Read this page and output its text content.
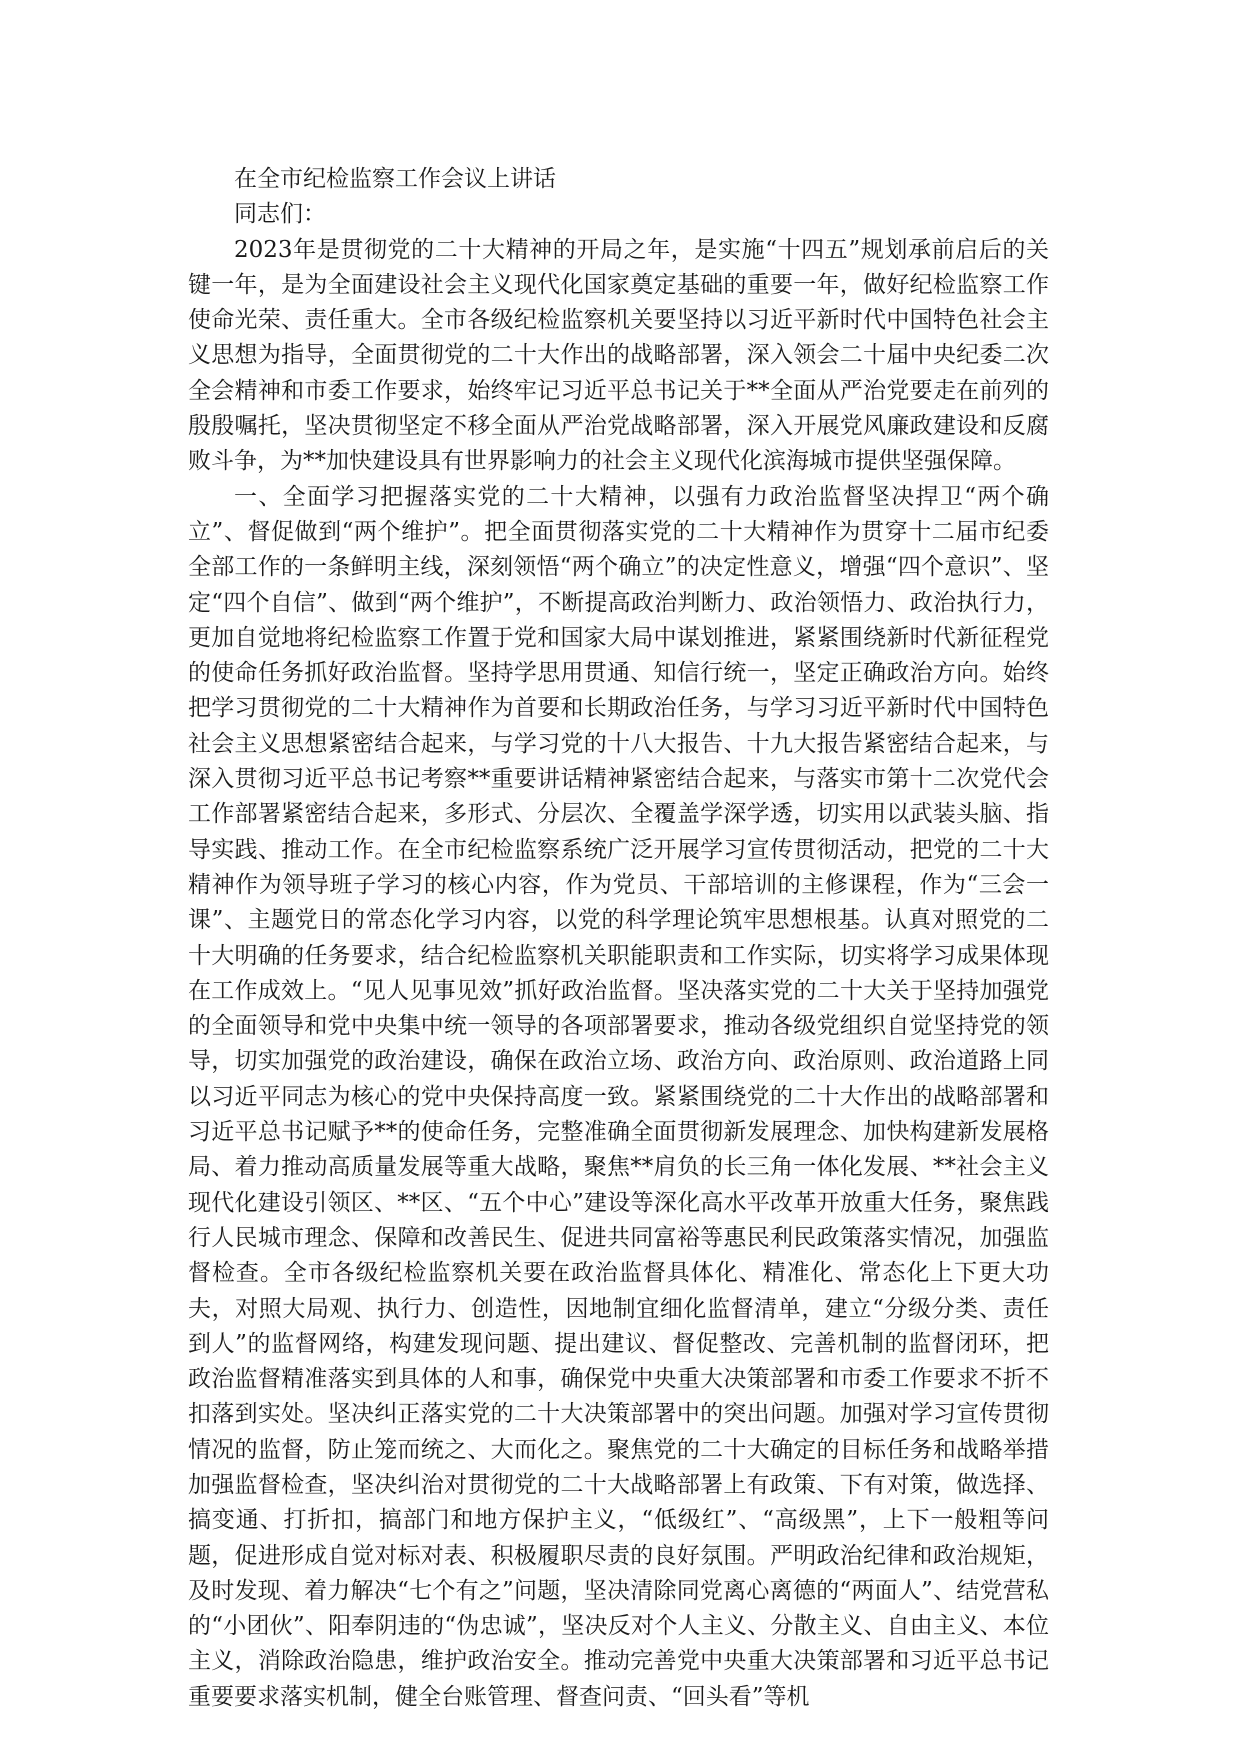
在全市纪检监察工作会议上讲话

同志们：

2023年是贯彻党的二十大精神的开局之年，是实施“十四五”规划承前启后的关键一年，是为全面建设社会主义现代化国家奠定基础的重要一年，做好纪检监察工作使命光荣、责任重大。全市各级纪检监察机关要坚持以习近平新时代中国特色社会主义思想为指导，全面贯彻党的二十大作出的战略部署，深入领会二十届中央纪委二次全会精神和市委工作要求，始终牢记习近平总书记关于**全面从严治党要走在前列的殷殷嘱托，坚决贯彻坚定不移全面从严治党战略部署，深入开展党风廉政建设和反腐败斗争，为**加快建设具有世界影响力的社会主义现代化滨海城市提供坚强保障。

一、全面学习把握落实党的二十大精神，以强有力政治监督坚决捍卫“两个确立”、督促做到“两个维护”。把全面贯彻落实党的二十大精神作为贯穿十二届市纪委全部工作的一条鲜明主线，深刻领悟“两个确立”的决定性意义，增强“四个意识”、坚定“四个自信”、做到“两个维护”，不断提高政治判断力、政治领悟力、政治执行力，更加自觉地将纪检监察工作置于党和国家大局中谋划推进，紧紧围绕新时代新征程党的使命任务抓好政治监督。坚持学思用贯通、知信行统一，坚定正确政治方向。始终把学习贯彻党的二十大精神作为首要和长期政治任务，与学习习近平新时代中国特色社会主义思想紧密结合起来，与学习党的十八大报告、十九大报告紧密结合起来，与深入贯彻习近平总书记考察**重要讲话精神紧密结合起来，与落实市第十二次党代会工作部署紧密结合起来，多形式、分层次、全覆盖学深学透，切实用以武装头脑、指导实践、推动工作。在全市纪检监察系统广泛开展学习宣传贯彻活动，把党的二十大精神作为领导班子学习的核心内容，作为党员、干部培训的主修课程，作为“三会一课”、主题党日的常态化学习内容，以党的科学理论筑牢思想根基。认真对照党的二十大明确的任务要求，结合纪检监察机关职能职责和工作实际，切实将学习成果体现在工作成效上。“见人见事见效”抓好政治监督。坚决落实党的二十大关于坚持加强党的全面领导和党中央集中统一领导的各项部署要求，推动各级党组织自觉坚持党的领导，切实加强党的政治建设，确保在政治立场、政治方向、政治原则、政治道路上同以习近平同志为核心的党中央保持高度一致。紧紧围绕党的二十大作出的战略部署和习近平总书记赋予**的使命任务，完整准确全面贯彻新发展理念、加快构建新发展格局、着力推动高质量发展等重大战略，聚焦**肩负的长三角一体化发展、**社会主义现代化建设引领区、**区、“五个中心”建设等深化高水平改革开放重大任务，聚焦践行人民城市理念、保障和改善民生、促进共同富裕等惠民利民政策落实情况，加强监督检查。全市各级纪检监察机关要在政治监督具体化、精准化、常态化上下更大功夫，对照大局观、执行力、创造性，因地制宜细化监督清单，建立“分级分类、责任到人”的监督网络，构建发现问题、提出建议、督促整改、完善机制的监督闭环，把政治监督精准落实到具体的人和事，确保党中央重大决策部署和市委工作要求不折不扣落到实处。坚决纠正落实党的二十大决策部署中的突出问题。加强对学习宣传贯彻情况的监督，防止笼而统之、大而化之。聚焦党的二十大确定的目标任务和战略举措加强监督检查，坚决纠治对贯彻党的二十大战略部署上有政策、下有对策，做选择、搞变通、打折扣，搞部门和地方保护主义，“低级红”、“高级黑”，上下一般粗等问题，促进形成自觉对标对表、积极履职尽责的良好氛围。严明政治纪律和政治规矩，及时发现、着力解决“七个有之”问题，坚决清除同党离心离德的“两面人”、结党营私的“小团伙”、阳奉阴违的“伪忠诚”，坚决反对个人主义、分散主义、自由主义、本位主义，消除政治隐患，维护政治安全。推动完善党中央重大决策部署和习近平总书记重要要求落实机制，健全台账管理、督查问责、“回头看”等机
